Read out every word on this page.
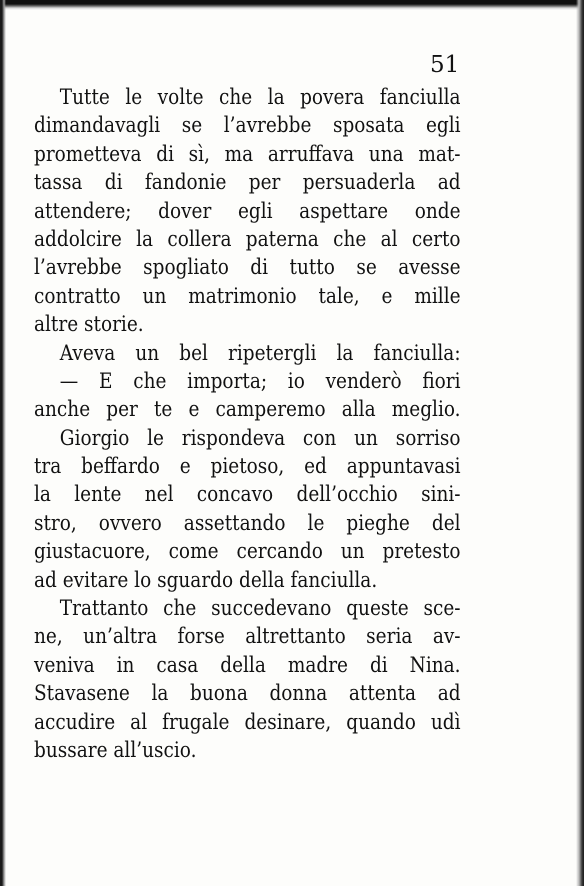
51
Tutte le volte che la povera fanciulla
dimandavagli se l’avrebbe sposata egli
prometteva di sì, ma arruffava una mat-
tassa di fandonie per persuaderla ad
attendere; dover egli aspettare onde
addolcire la collera paterna che al certo
l’avrebbe spogliato di tutto se avesse
contratto un matrimonio tale, e mille
altre storie.
Aveva un bel ripetergli la fanciulla:
— E che importa; io venderò fiori
anche per te e camperemo alla meglio.
Giorgio le rispondeva con un sorriso
tra beffardo e pietoso, ed appuntavasi
la lente nel concavo dell’occhio sini-
stro, ovvero assettando le pieghe del
giustacuore, come cercando un pretesto
ad evitare lo sguardo della fanciulla.
Trattanto che succedevano queste sce-
ne, un’altra forse altrettanto seria av-
veniva in casa della madre di Nina.
Stavasene la buona donna attenta ad
accudire al frugale desinare, quando udì
bussare all’uscio.
